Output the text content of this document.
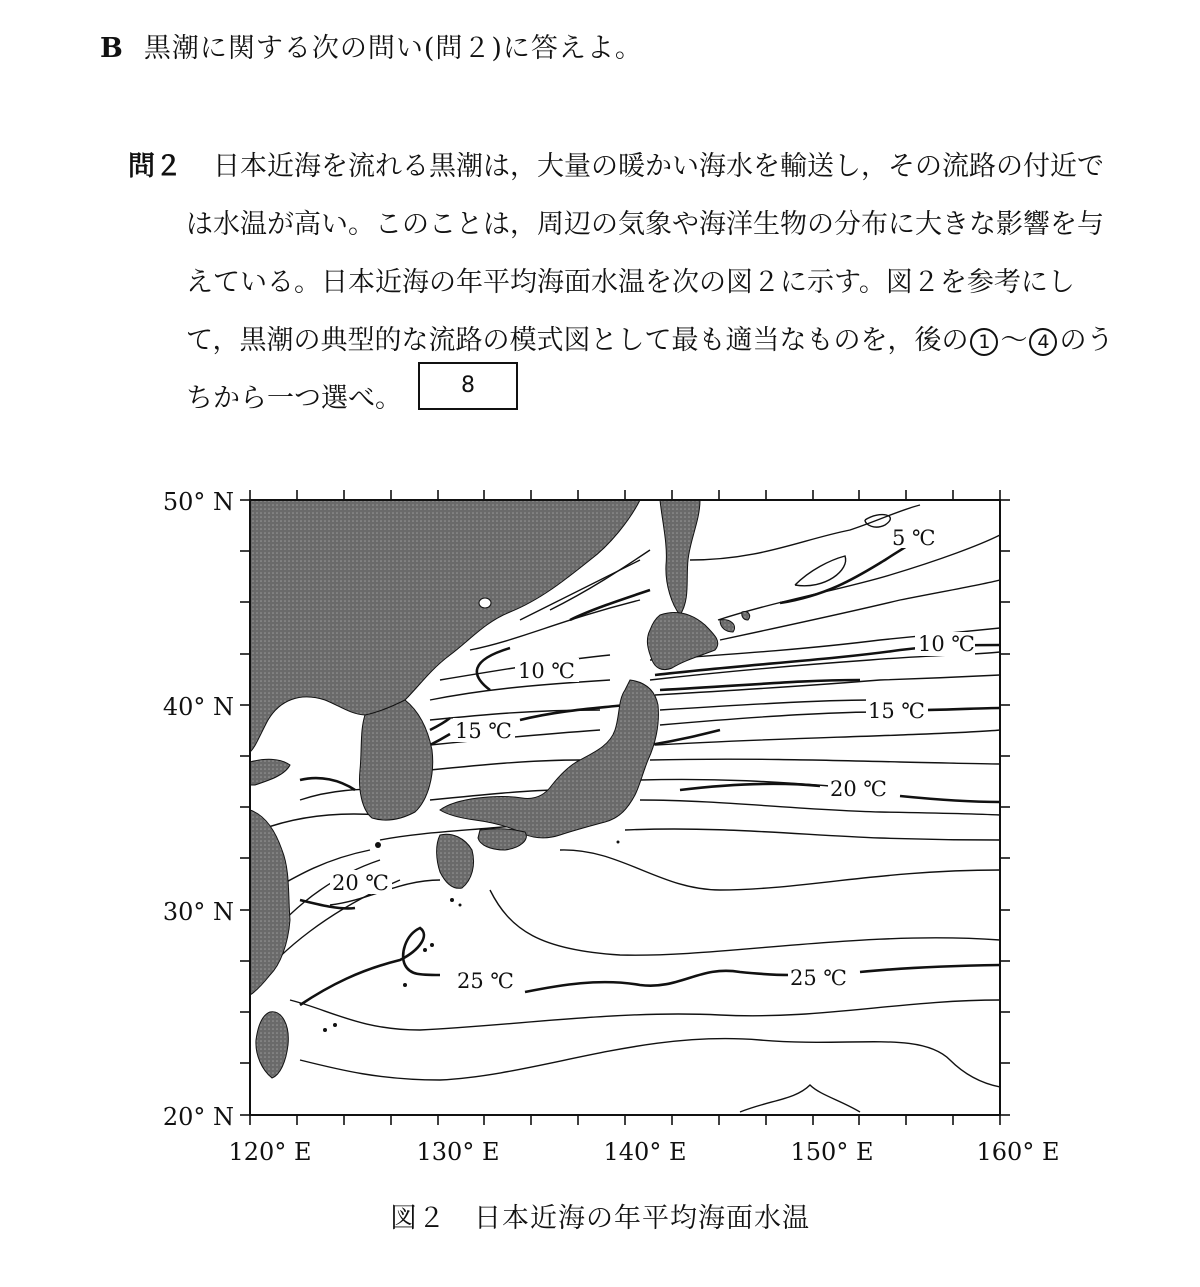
B 黒潮に関する次の問い(問２)に答えよ。
問２ 日本近海を流れる黒潮は，大量の暖かい海水を輸送し，その流路の付近で
は水温が高い。このことは，周辺の気象や海洋生物の分布に大きな影響を与
えている。日本近海の年平均海面水温を次の図２に示す。図２を参考にし
て，黒潮の典型的な流路の模式図として最も適当なものを，後の 1 ～ 4 のう
ちから一つ選べ。	8
50° N
40° N
30° N
20° N
120° E	130° E	140° E	150° E	160° E
5 ℃
10 ℃
10 ℃
15 ℃
15 ℃
20 ℃
20 ℃
25 ℃	25 ℃
図２　日本近海の年平均海面水温
